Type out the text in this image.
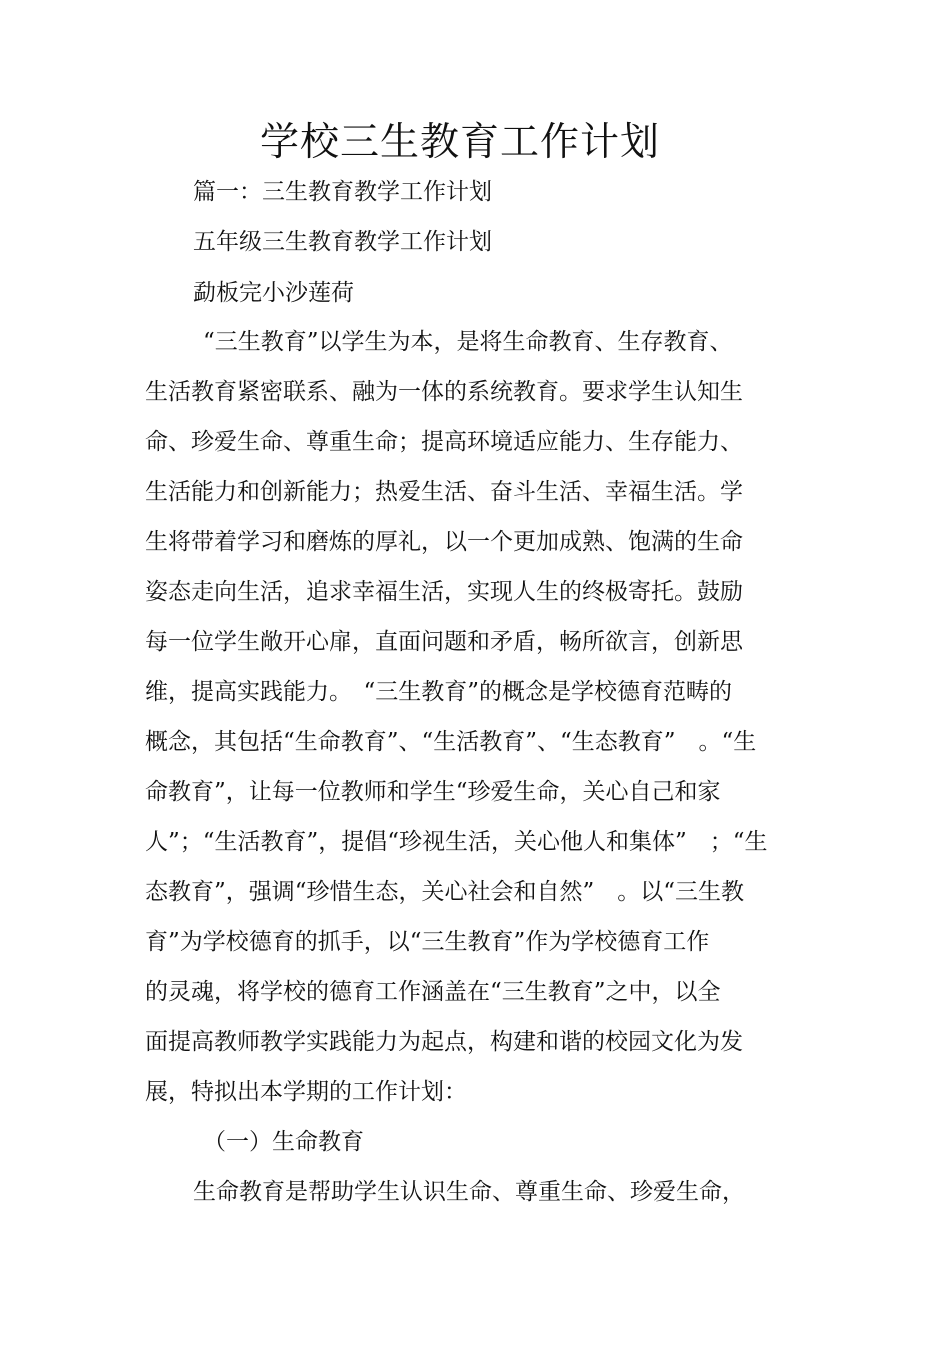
学校三生教育工作计划
篇一：三生教育教学工作计划
五年级三生教育教学工作计划
勐板完小沙莲荷
“三生教育”以学生为本，是将生命教育、生存教育、
生活教育紧密联系、融为一体的系统教育。要求学生认知生
命、珍爱生命、尊重生命；提高环境适应能力、生存能力、
生活能力和创新能力；热爱生活、奋斗生活、幸福生活。学
生将带着学习和磨炼的厚礼，以一个更加成熟、饱满的生命
姿态走向生活，追求幸福生活，实现人生的终极寄托。鼓励
每一位学生敞开心扉，直面问题和矛盾，畅所欲言，创新思
维，提高实践能力。　“三生教育”的概念是学校德育范畴的
概念，其包括“生命教育”、“生活教育”、“生态教育”　。“生
命教育”，让每一位教师和学生“珍爱生命，关心自己和家
人”；“生活教育”，提倡“珍视生活，关心他人和集体”　；“生
态教育”，强调“珍惜生态，关心社会和自然”　。以“三生教
育”为学校德育的抓手，以“三生教育”作为学校德育工作
的灵魂，将学校的德育工作涵盖在“三生教育”之中，以全
面提高教师教学实践能力为起点，构建和谐的校园文化为发
展，特拟出本学期的工作计划：
（一）生命教育
生命教育是帮助学生认识生命、尊重生命、珍爱生命，
